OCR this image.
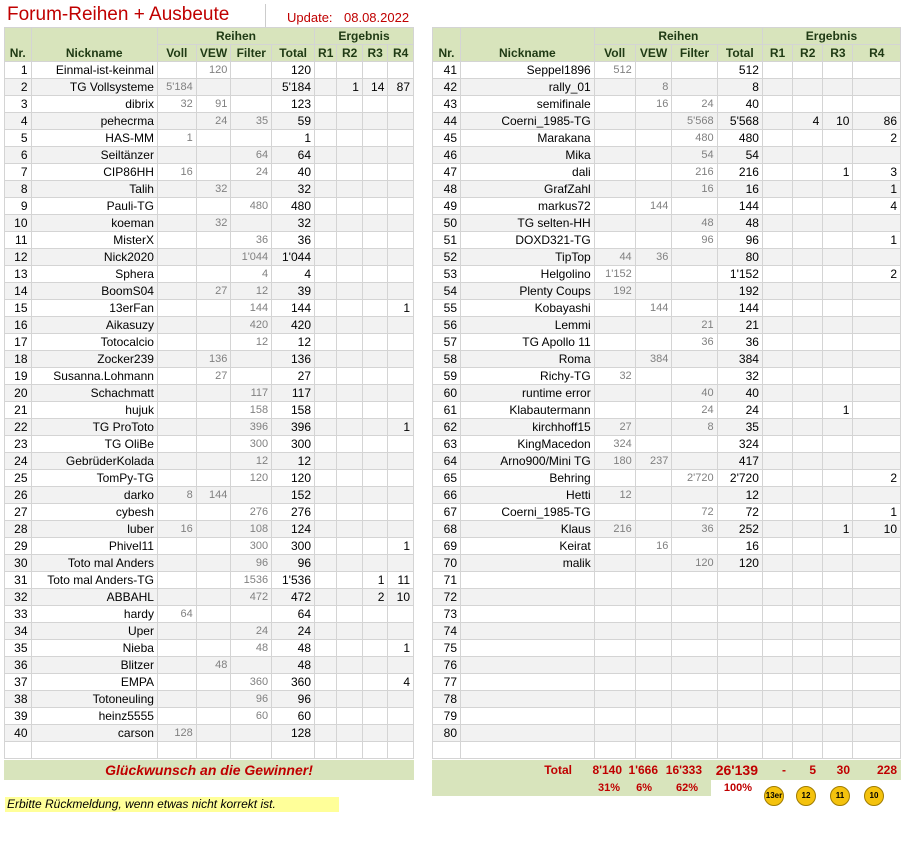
Forum-Reihen + Ausbeute	Update: 08.08.2022
Nr.	Nickname	Reihen				Ergebnis			
		Voll	VEW	Filter	Total	R1	R2	R3	R4
1	Einmal-ist-keinmal		120		120				
2	TG Vollsysteme	5'184			5'184		1	14	87
3	dibrix	32	91		123				
4	pehecrma		24	35	59				
5	HAS-MM	1			1				
6	Seiltänzer			64	64				
7	CIP86HH	16		24	40				
8	Talih		32		32				
9	Pauli-TG			480	480				
10	koeman		32		32				
11	MisterX			36	36				
12	Nick2020			1'044	1'044				
13	Sphera			4	4				
14	BoomS04		27	12	39				
15	13erFan			144	144				1
16	Aikasuzy			420	420				
17	Totocalcio			12	12				
18	Zocker239		136		136				
19	Susanna.Lohmann		27		27				
20	Schachmatt			117	117				
21	hujuk			158	158				
22	TG ProToto			396	396				1
23	TG OliBe			300	300				
24	GebrüderKolada			12	12				
25	TomPy-TG			120	120				
26	darko	8	144		152				
27	cybesh			276	276				
28	luber	16		108	124				
29	Phivel11			300	300				1
30	Toto mal Anders			96	96				
31	Toto mal Anders-TG			1536	1'536			1	11
32	ABBAHL			472	472			2	10
33	hardy	64			64				
34	Uper			24	24				
35	Nieba			48	48				1
36	Blitzer		48		48				
37	EMPA			360	360				4
38	Totoneuling			96	96				
39	heinz5555			60	60				
40	carson	128			128				

Nr.	Nickname	Reihen				Ergebnis			
		Voll	VEW	Filter	Total	R1	R2	R3	R4
41	Seppel1896	512			512				
42	rally_01		8		8				
43	semifinale		16	24	40				
44	Coerni_1985-TG			5'568	5'568		4	10	86
45	Marakana			480	480				2
46	Mika			54	54				
47	dali			216	216			1	3
48	GrafZahl			16	16				1
49	markus72		144		144				4
50	TG selten-HH			48	48				
51	DOXD321-TG			96	96				1
52	TipTop	44	36		80				
53	Helgolino	1'152			1'152				2
54	Plenty Coups	192			192				
55	Kobayashi		144		144				
56	Lemmi			21	21				
57	TG Apollo 11			36	36				
58	Roma		384		384				
59	Richy-TG	32			32				
60	runtime error			40	40				
61	Klabautermann			24	24			1	
62	kirchhoff15	27		8	35				
63	KingMacedon	324			324				
64	Arno900/Mini TG	180	237		417				
65	Behring			2'720	2'720				2
66	Hetti	12			12				
67	Coerni_1985-TG			72	72				1
68	Klaus	216		36	252			1	10
69	Keirat		16		16				
70	malik			120	120				
71									
72									
73									
74									
75									
76									
77									
78									
79									
80									

Glückwunsch an die Gewinner!	Total	8'140 1'666 16'333 26'139	-	5	30	228
31%	6%	62%	100%
Erbitte Rückmeldung, wenn etwas nicht korrekt ist.
13er	12	11	10
